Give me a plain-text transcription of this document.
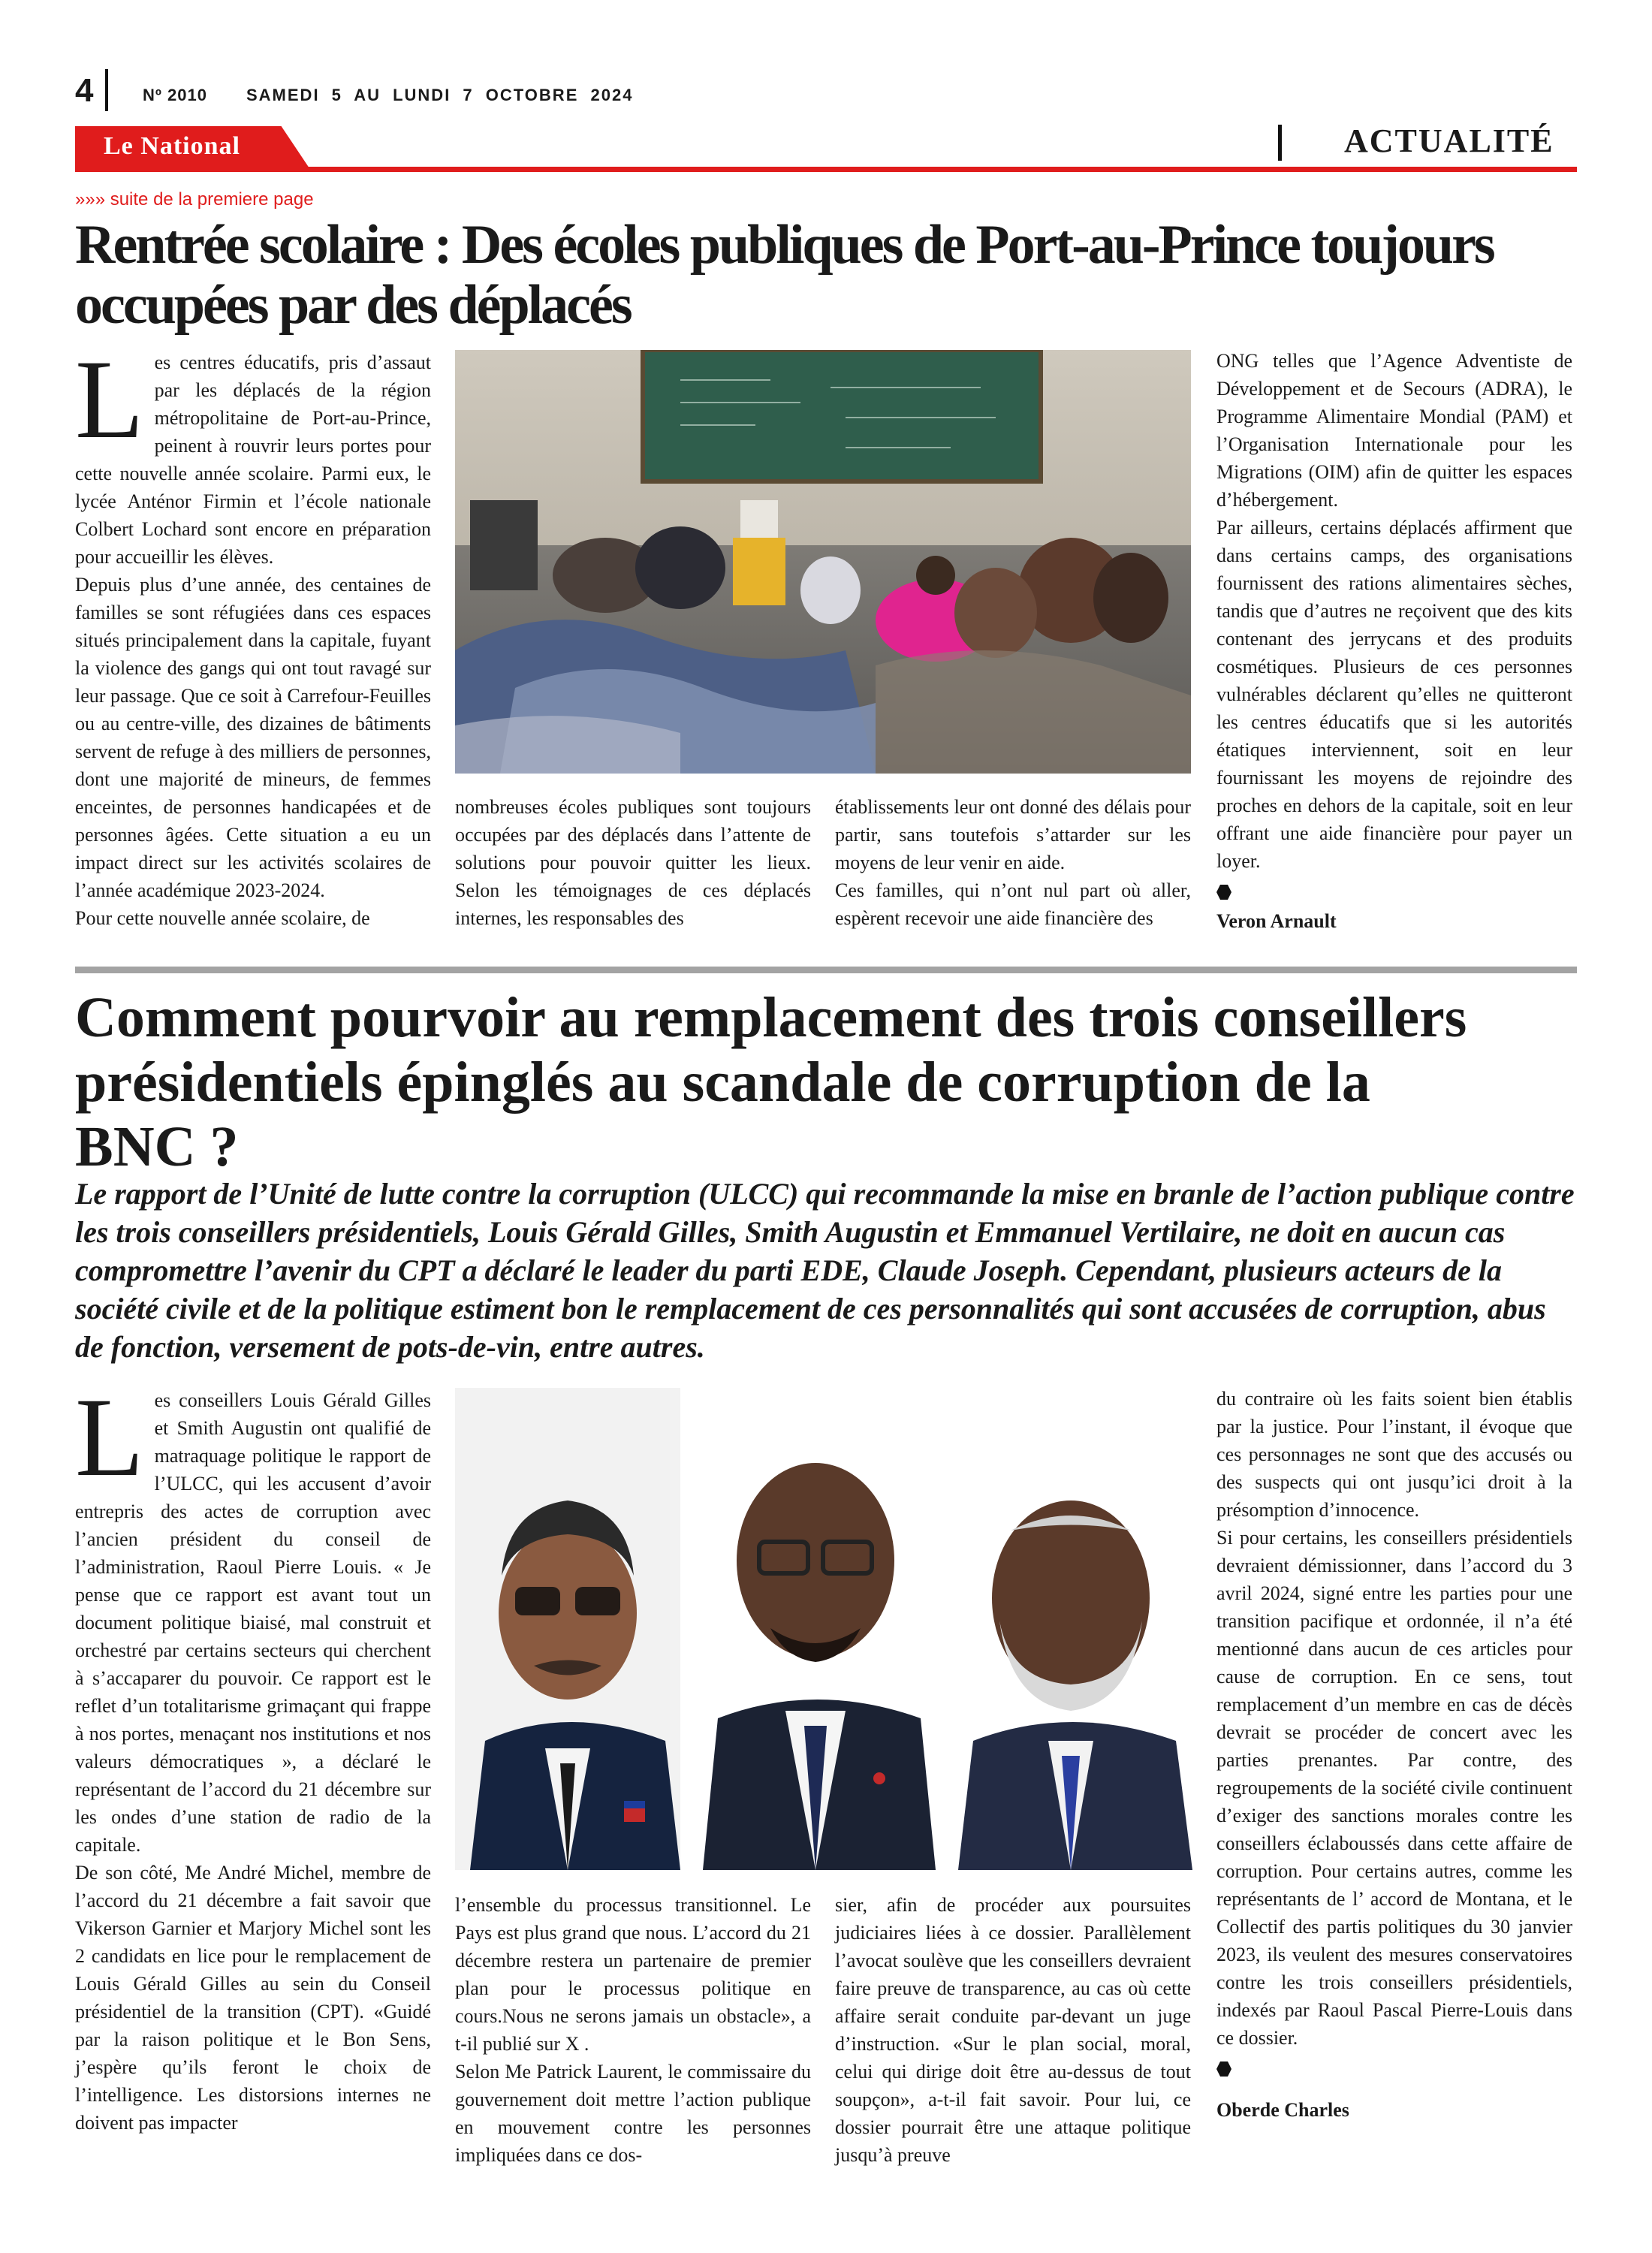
4	Nº 2010 SAMEDI 5 AU LUNDI 7 OCTOBRE 2024
Le National	ACTUALITÉ
»»» suite de la premiere page
Rentrée scolaire : Des écoles publiques de Port-au-Prince toujours occupées par des déplacés
L es centres éducatifs, pris d’assaut par les déplacés de la région métropolitaine de Port-au-Prince, peinent à rouvrir leurs portes pour cette nouvelle année scolaire. Parmi eux, le lycée Anténor Firmin et l’école nationale Colbert Lochard sont encore en préparation pour accueillir les élèves.

Depuis plus d’une année, des centaines de familles se sont réfugiées dans ces espaces situés principalement dans la capitale, fuyant la violence des gangs qui ont tout ravagé sur leur passage. Que ce soit à Carrefour-Feuilles ou au centre-ville, des dizaines de bâtiments servent de refuge à des milliers de personnes, dont une majorité de mineurs, de femmes enceintes, de personnes handicapées et de personnes âgées. Cette situation a eu un impact direct sur les activités scolaires de l’année académique 2023-2024.

Pour cette nouvelle année scolaire, de

nombreuses écoles publiques sont toujours occupées par des déplacés dans l’attente de solutions pour pouvoir quitter les lieux. Selon les témoignages de ces déplacés internes, les responsables des

établissements leur ont donné des délais pour partir, sans toutefois s’attarder sur les moyens de leur venir en aide.

Ces familles, qui n’ont nul part où aller, espèrent recevoir une aide financière des

ONG telles que l’Agence Adventiste de Développement et de Secours (ADRA), le Programme Alimentaire Mondial (PAM) et l’Organisation Internationale pour les Migrations (OIM) afin de quitter les espaces d’hébergement.

Par ailleurs, certains déplacés affirment que dans certains camps, des organisations fournissent des rations alimentaires sèches, tandis que d’autres ne reçoivent que des kits contenant des jerrycans et des produits cosmétiques. Plusieurs de ces personnes vulnérables déclarent qu’elles ne quitteront les centres éducatifs que si les autorités étatiques interviennent, soit en leur fournissant les moyens de rejoindre des proches en dehors de la capitale, soit en leur offrant une aide financière pour payer un loyer.

Veron Arnault
Comment pourvoir au remplacement des trois conseillers présidentiels épinglés au scandale de corruption de la BNC ?
Le rapport de l’Unité de lutte contre la corruption (ULCC) qui recommande la mise en branle de l’action publique contre les trois conseillers présidentiels, Louis Gérald Gilles, Smith Augustin et Emmanuel Vertilaire, ne doit en aucun cas compromettre l’avenir du CPT a déclaré le leader du parti EDE, Claude Joseph. Cependant, plusieurs acteurs de la société civile et de la politique estiment bon le remplacement de ces personnalités qui sont accusées de corruption, abus de fonction, versement de pots-de-vin, entre autres.
L es conseillers Louis Gérald Gilles et Smith Augustin ont qualifié de matraquage politique le rapport de l’ULCC, qui les accusent d’avoir entrepris des actes de corruption avec l’ancien président du conseil de l’administration, Raoul Pierre Louis. « Je pense que ce rapport est avant tout un document politique biaisé, mal construit et orchestré par certains secteurs qui cherchent à s’accaparer du pouvoir. Ce rapport est le reflet d’un totalitarisme grimaçant qui frappe à nos portes, menaçant nos institutions et nos valeurs démocratiques », a déclaré le représentant de l’accord du 21 décembre sur les ondes d’une station de radio de la capitale.

De son côté, Me André Michel, membre de l’accord du 21 décembre a fait savoir que Vikerson Garnier et Marjory Michel sont les 2 candidats en lice pour le remplacement de Louis Gérald Gilles au sein du Conseil présidentiel de la transition (CPT). «Guidé par la raison politique et le Bon Sens, j’espère qu’ils feront le choix de l’intelligence. Les distorsions internes ne doivent pas impacter

l’ensemble du processus transitionnel. Le Pays est plus grand que nous. L’accord du 21 décembre restera un partenaire de premier plan pour le processus politique en cours.Nous ne serons jamais un obstacle», a t-il publié sur X .

Selon Me Patrick Laurent, le commissaire du gouvernement doit mettre l’action publique en mouvement contre les personnes impliquées dans ce dos-

sier, afin de procéder aux poursuites judiciaires liées à ce dossier. Parallèlement l’avocat soulève que les conseillers devraient faire preuve de transparence, au cas où cette affaire serait conduite par-devant un juge d’instruction. «Sur le plan social, moral, celui qui dirige doit être au-dessus de tout soupçon», a-t-il fait savoir. Pour lui, ce dossier pourrait être une attaque politique jusqu’à preuve

du contraire où les faits soient bien établis par la justice. Pour l’instant, il évoque que ces personnages ne sont que des accusés ou des suspects qui ont jusqu’ici droit à la présomption d’innocence.

Si pour certains, les conseillers présidentiels devraient démissionner, dans l’accord du 3 avril 2024, signé entre les parties pour une transition pacifique et ordonnée, il n’a été mentionné dans aucun de ces articles pour cause de corruption. En ce sens, tout remplacement d’un membre en cas de décès devrait se procéder de concert avec les parties prenantes. Par contre, des regroupements de la société civile continuent d’exiger des sanctions morales contre les conseillers éclaboussés dans cette affaire de corruption. Pour certains autres, comme les représentants de l’ accord de Montana, et le Collectif des partis politiques du 30 janvier 2023, ils veulent des mesures conservatoires contre les trois conseillers présidentiels, indexés par Raoul Pascal Pierre-Louis dans ce dossier.

Oberde Charles
